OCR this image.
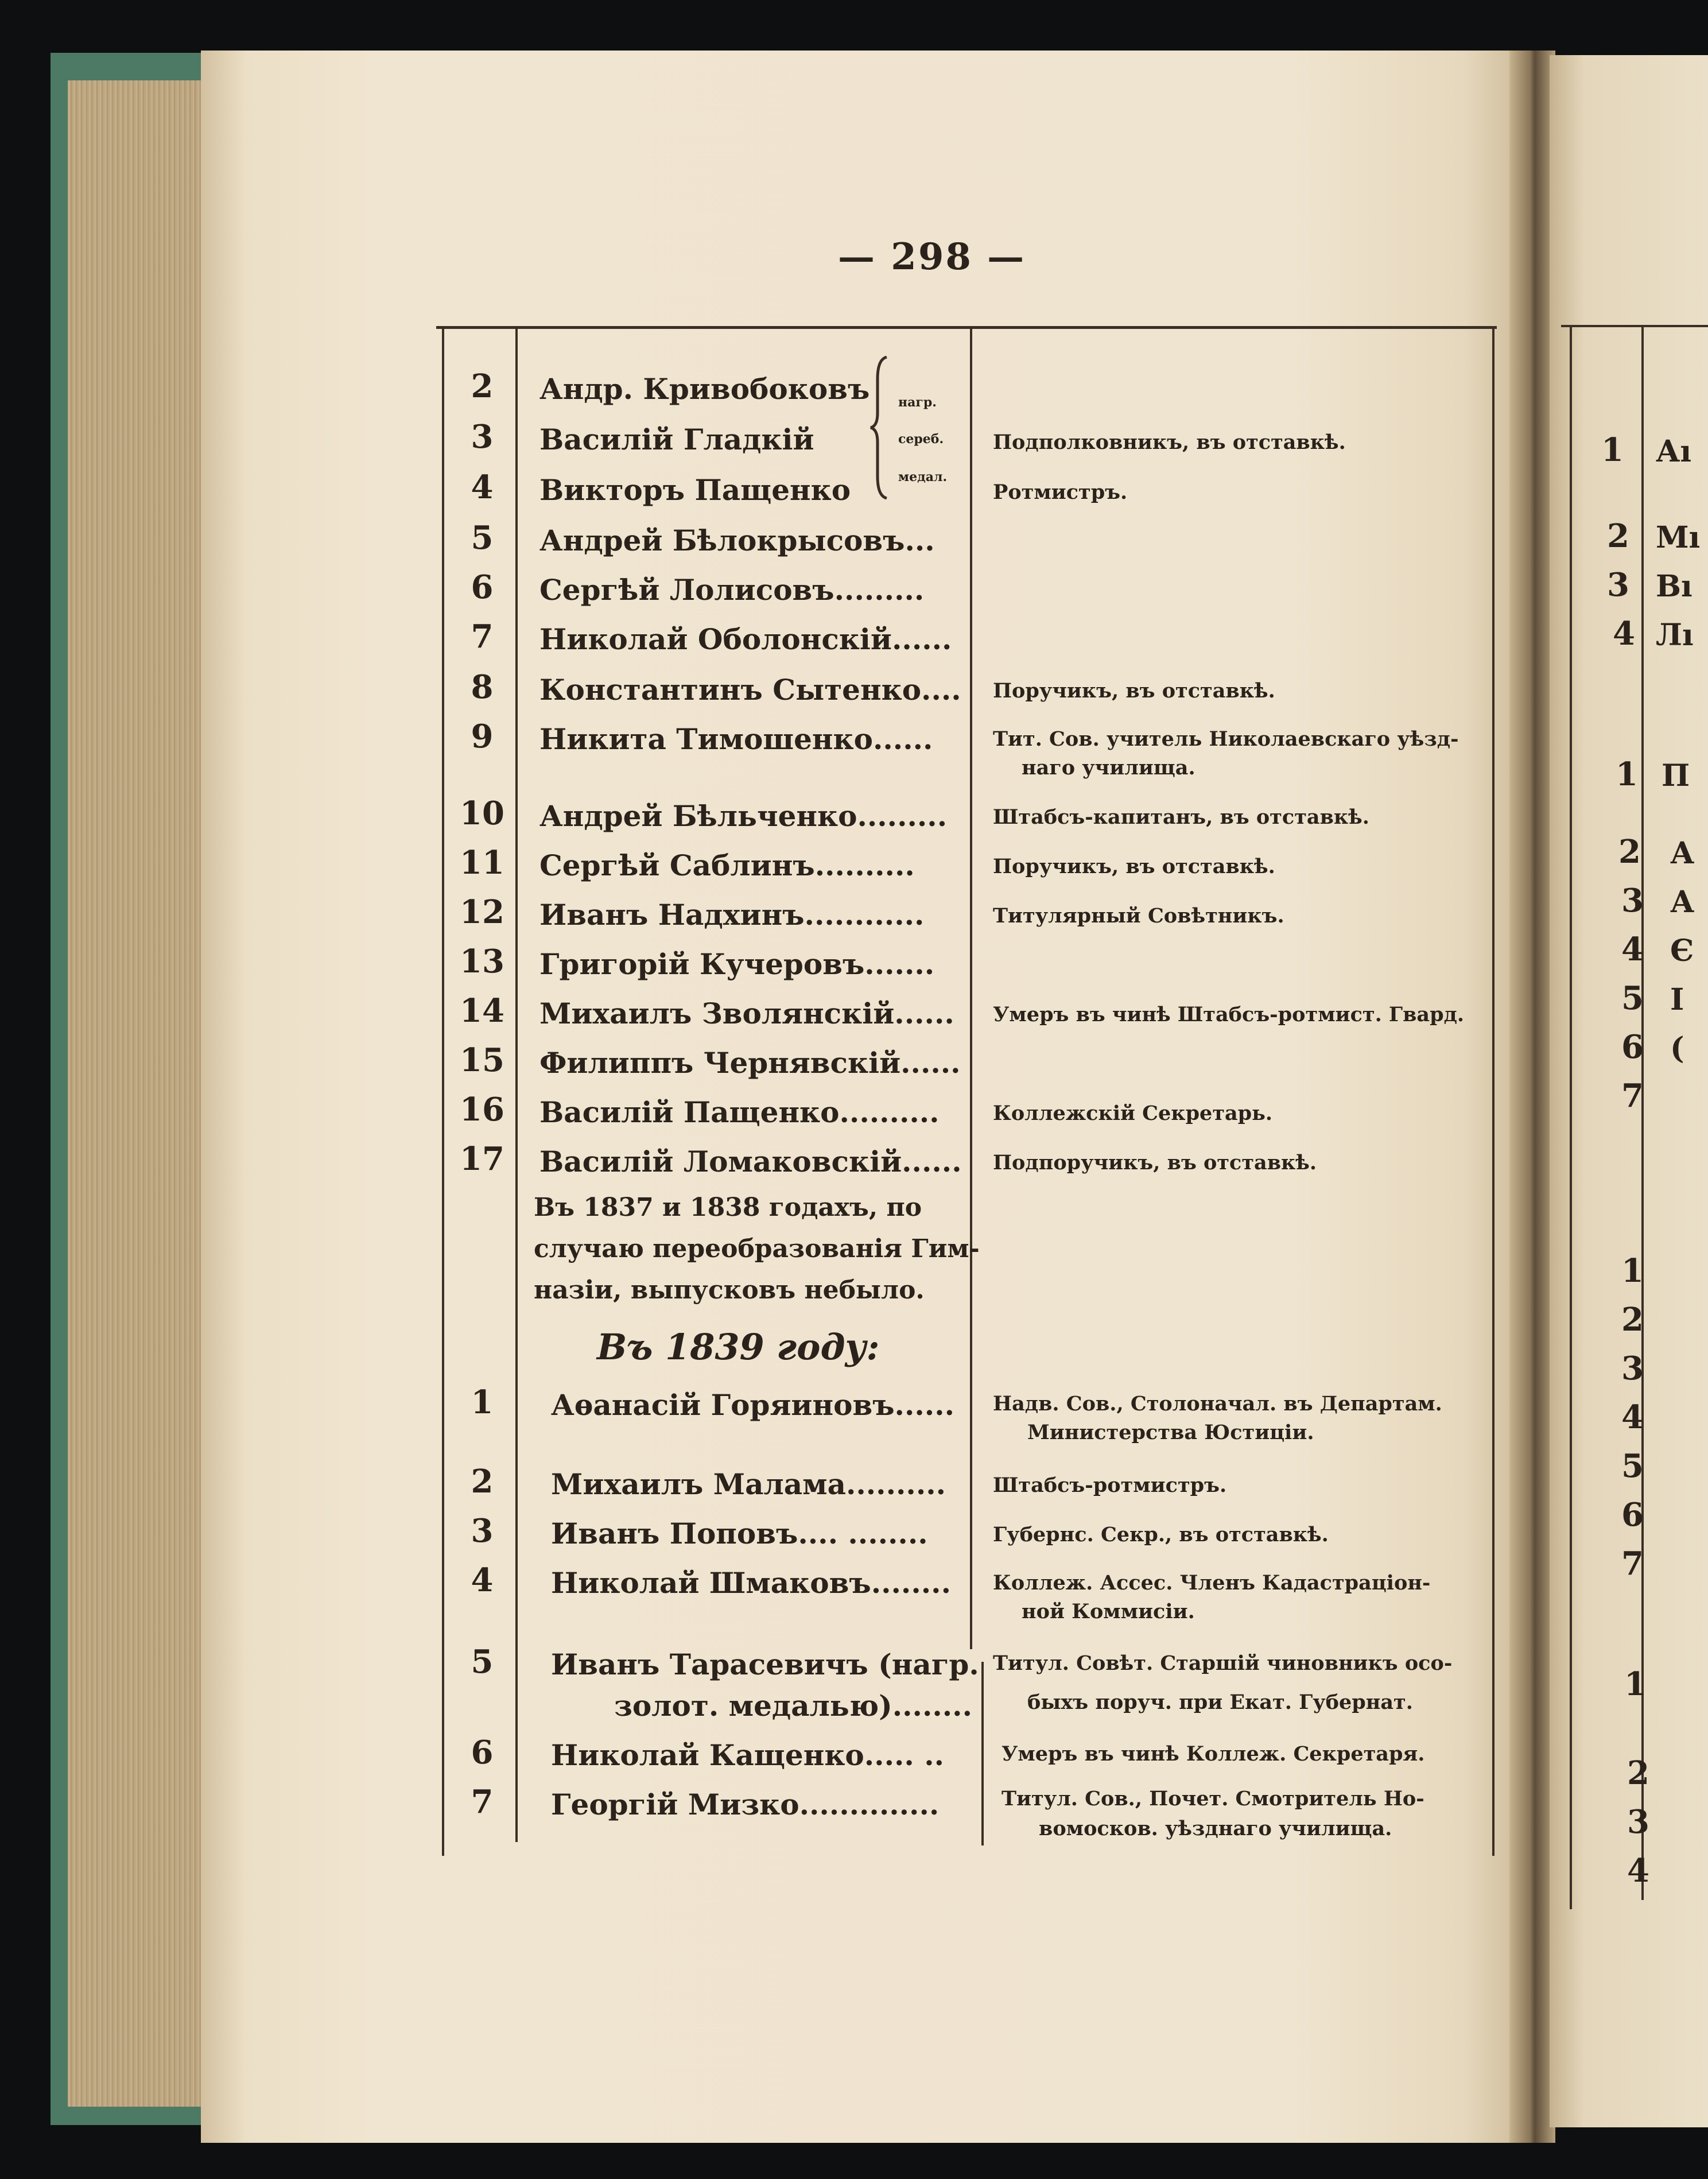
— 298 —
нагр.
сереб.
медал.
2	Андр. Кривобоковъ
3	Василій Гладкій	Подполковникъ, въ отставкѣ.
4	Викторъ Пащенко	Ротмистръ.
5	Андрей Бѣлокрысовъ...
6	Сергѣй Лолисовъ.........
7	Николай Оболонскій......
8	Константинъ Сытенко.... Поручикъ, въ отставкѣ.
9	Никита Тимошенко......	Тит. Сов. учитель Николаевскаго уѣзд-
наго училища.
10 Андрей Бѣльченко......... Штабсъ-капитанъ, въ отставкѣ.
11 Сергѣй Саблинъ..........	Поручикъ, въ отставкѣ.
12 Иванъ Надхинъ............	Титулярный Совѣтникъ.
13 Григорій Кучеровъ.......
14 Михаилъ Зволянскій...... Умеръ въ чинѣ Штабсъ-ротмист. Гвард.
15 Филиппъ Чернявскій......
16 Василій Пащенко..........	Коллежскій Секретарь.
17 Василій Ломаковскій...... Подпоручикъ, въ отставкѣ.
Въ 1837 и 1838 годахъ, по
случаю переобразованія Гим-
назіи, выпусковъ небыло.
Въ 1839 году:
1	Аѳанасій Горяиновъ...... Надв. Сов., Столоначал. въ Департам.
Министерства Юстиціи.
2	Михаилъ Малама.......... Штабсъ-ротмистръ.
3	Иванъ Поповъ.... ........	Губернс. Секр., въ отставкѣ.
4	Николай Шмаковъ........ Коллеж. Ассес. Членъ Кадастраціон-
ной Коммисіи.
5	Иванъ Тарасевичъ (нагр.
золот. медалью)........
Титул. Совѣт. Старшій чиновникъ осо-
быхъ поруч. при Екат. Губернат.
6	Николай Кащенко..... ..	Умеръ въ чинѣ Коллеж. Секретаря.
7	Георгій Мизко..............	Титул. Сов., Почет. Смотритель Но-
вомосков. уѣзднаго училища.
1 Аı
2 Mı
3 Вı
4 Лı
1 П
2 А
3 А
4 Є
5 І
6 (
7
1
2
3
4
5
6
7
1
2
3
4
